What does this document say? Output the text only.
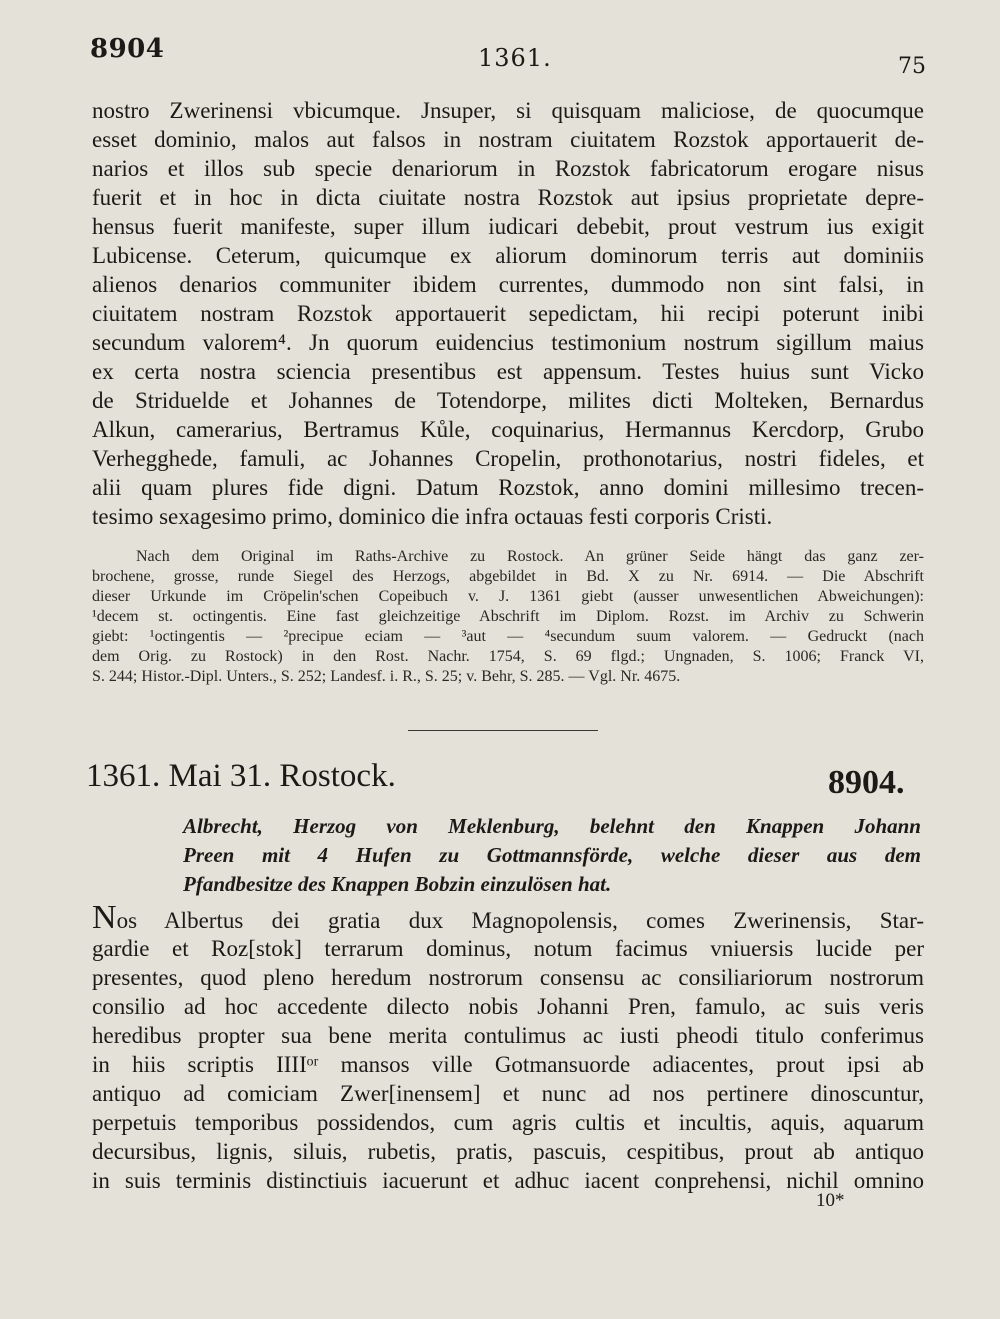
8904	1361.	75
nostro Zwerinensi vbicumque. Jnsuper, si quisquam maliciose, de quocumque
esset dominio, malos aut falsos in nostram ciuitatem Rozstok apportauerit de-
narios et illos sub specie denariorum in Rozstok fabricatorum erogare nisus
fuerit et in hoc in dicta ciuitate nostra Rozstok aut ipsius proprietate depre-
hensus fuerit manifeste, super illum iudicari debebit, prout vestrum ius exigit
Lubicense. Ceterum, quicumque ex aliorum dominorum terris aut dominiis
alienos denarios communiter ibidem currentes, dummodo non sint falsi, in
ciuitatem nostram Rozstok apportauerit sepedictam, hii recipi poterunt inibi
secundum valorem⁴. Jn quorum euidencius testimonium nostrum sigillum maius
ex certa nostra sciencia presentibus est appensum. Testes huius sunt Vicko
de Striduelde et Johannes de Totendorpe, milites dicti Molteken, Bernardus
Alkun, camerarius, Bertramus Kůle, coquinarius, Hermannus Kercdorp, Grubo
Verhegghede, famuli, ac Johannes Cropelin, prothonotarius, nostri fideles, et
alii quam plures fide digni. Datum Rozstok, anno domini millesimo trecen-
tesimo sexagesimo primo, dominico die infra octauas festi corporis Cristi.
Nach dem Original im Raths-Archive zu Rostock. An grüner Seide hängt das ganz zer-
brochene, grosse, runde Siegel des Herzogs, abgebildet in Bd. X zu Nr. 6914. — Die Abschrift
dieser Urkunde im Cröpelin'schen Copeibuch v. J. 1361 giebt (ausser unwesentlichen Abweichungen):
¹decem st. octingentis. Eine fast gleichzeitige Abschrift im Diplom. Rozst. im Archiv zu Schwerin
giebt: ¹octingentis — ²precipue eciam — ³aut — ⁴secundum suum valorem. — Gedruckt (nach
dem Orig. zu Rostock) in den Rost. Nachr. 1754, S. 69 flgd.; Ungnaden, S. 1006; Franck VI,
S. 244; Histor.-Dipl. Unters., S. 252; Landesf. i. R., S. 25; v. Behr, S. 285. — Vgl. Nr. 4675.
1361. Mai 31. Rostock.	8904.
Albrecht, Herzog von Meklenburg, belehnt den Knappen Johann
Preen mit 4 Hufen zu Gottmannsförde, welche dieser aus dem
Pfandbesitze des Knappen Bobzin einzulösen hat.
Nos Albertus dei gratia dux Magnopolensis, comes Zwerinensis, Star-
gardie et Roz[stok] terrarum dominus, notum facimus vniuersis lucide per
presentes, quod pleno heredum nostrorum consensu ac consiliariorum nostrorum
consilio ad hoc accedente dilecto nobis Johanni Pren, famulo, ac suis veris
heredibus propter sua bene merita contulimus ac iusti pheodi titulo conferimus
in hiis scriptis IIIIᵒʳ mansos ville Gotmansuorde adiacentes, prout ipsi ab
antiquo ad comiciam Zwer[inensem] et nunc ad nos pertinere dinoscuntur,
perpetuis temporibus possidendos, cum agris cultis et incultis, aquis, aquarum
decursibus, lignis, siluis, rubetis, pratis, pascuis, cespitibus, prout ab antiquo
in suis terminis distinctiuis iacuerunt et adhuc iacent conprehensi, nichil omnino
10*
